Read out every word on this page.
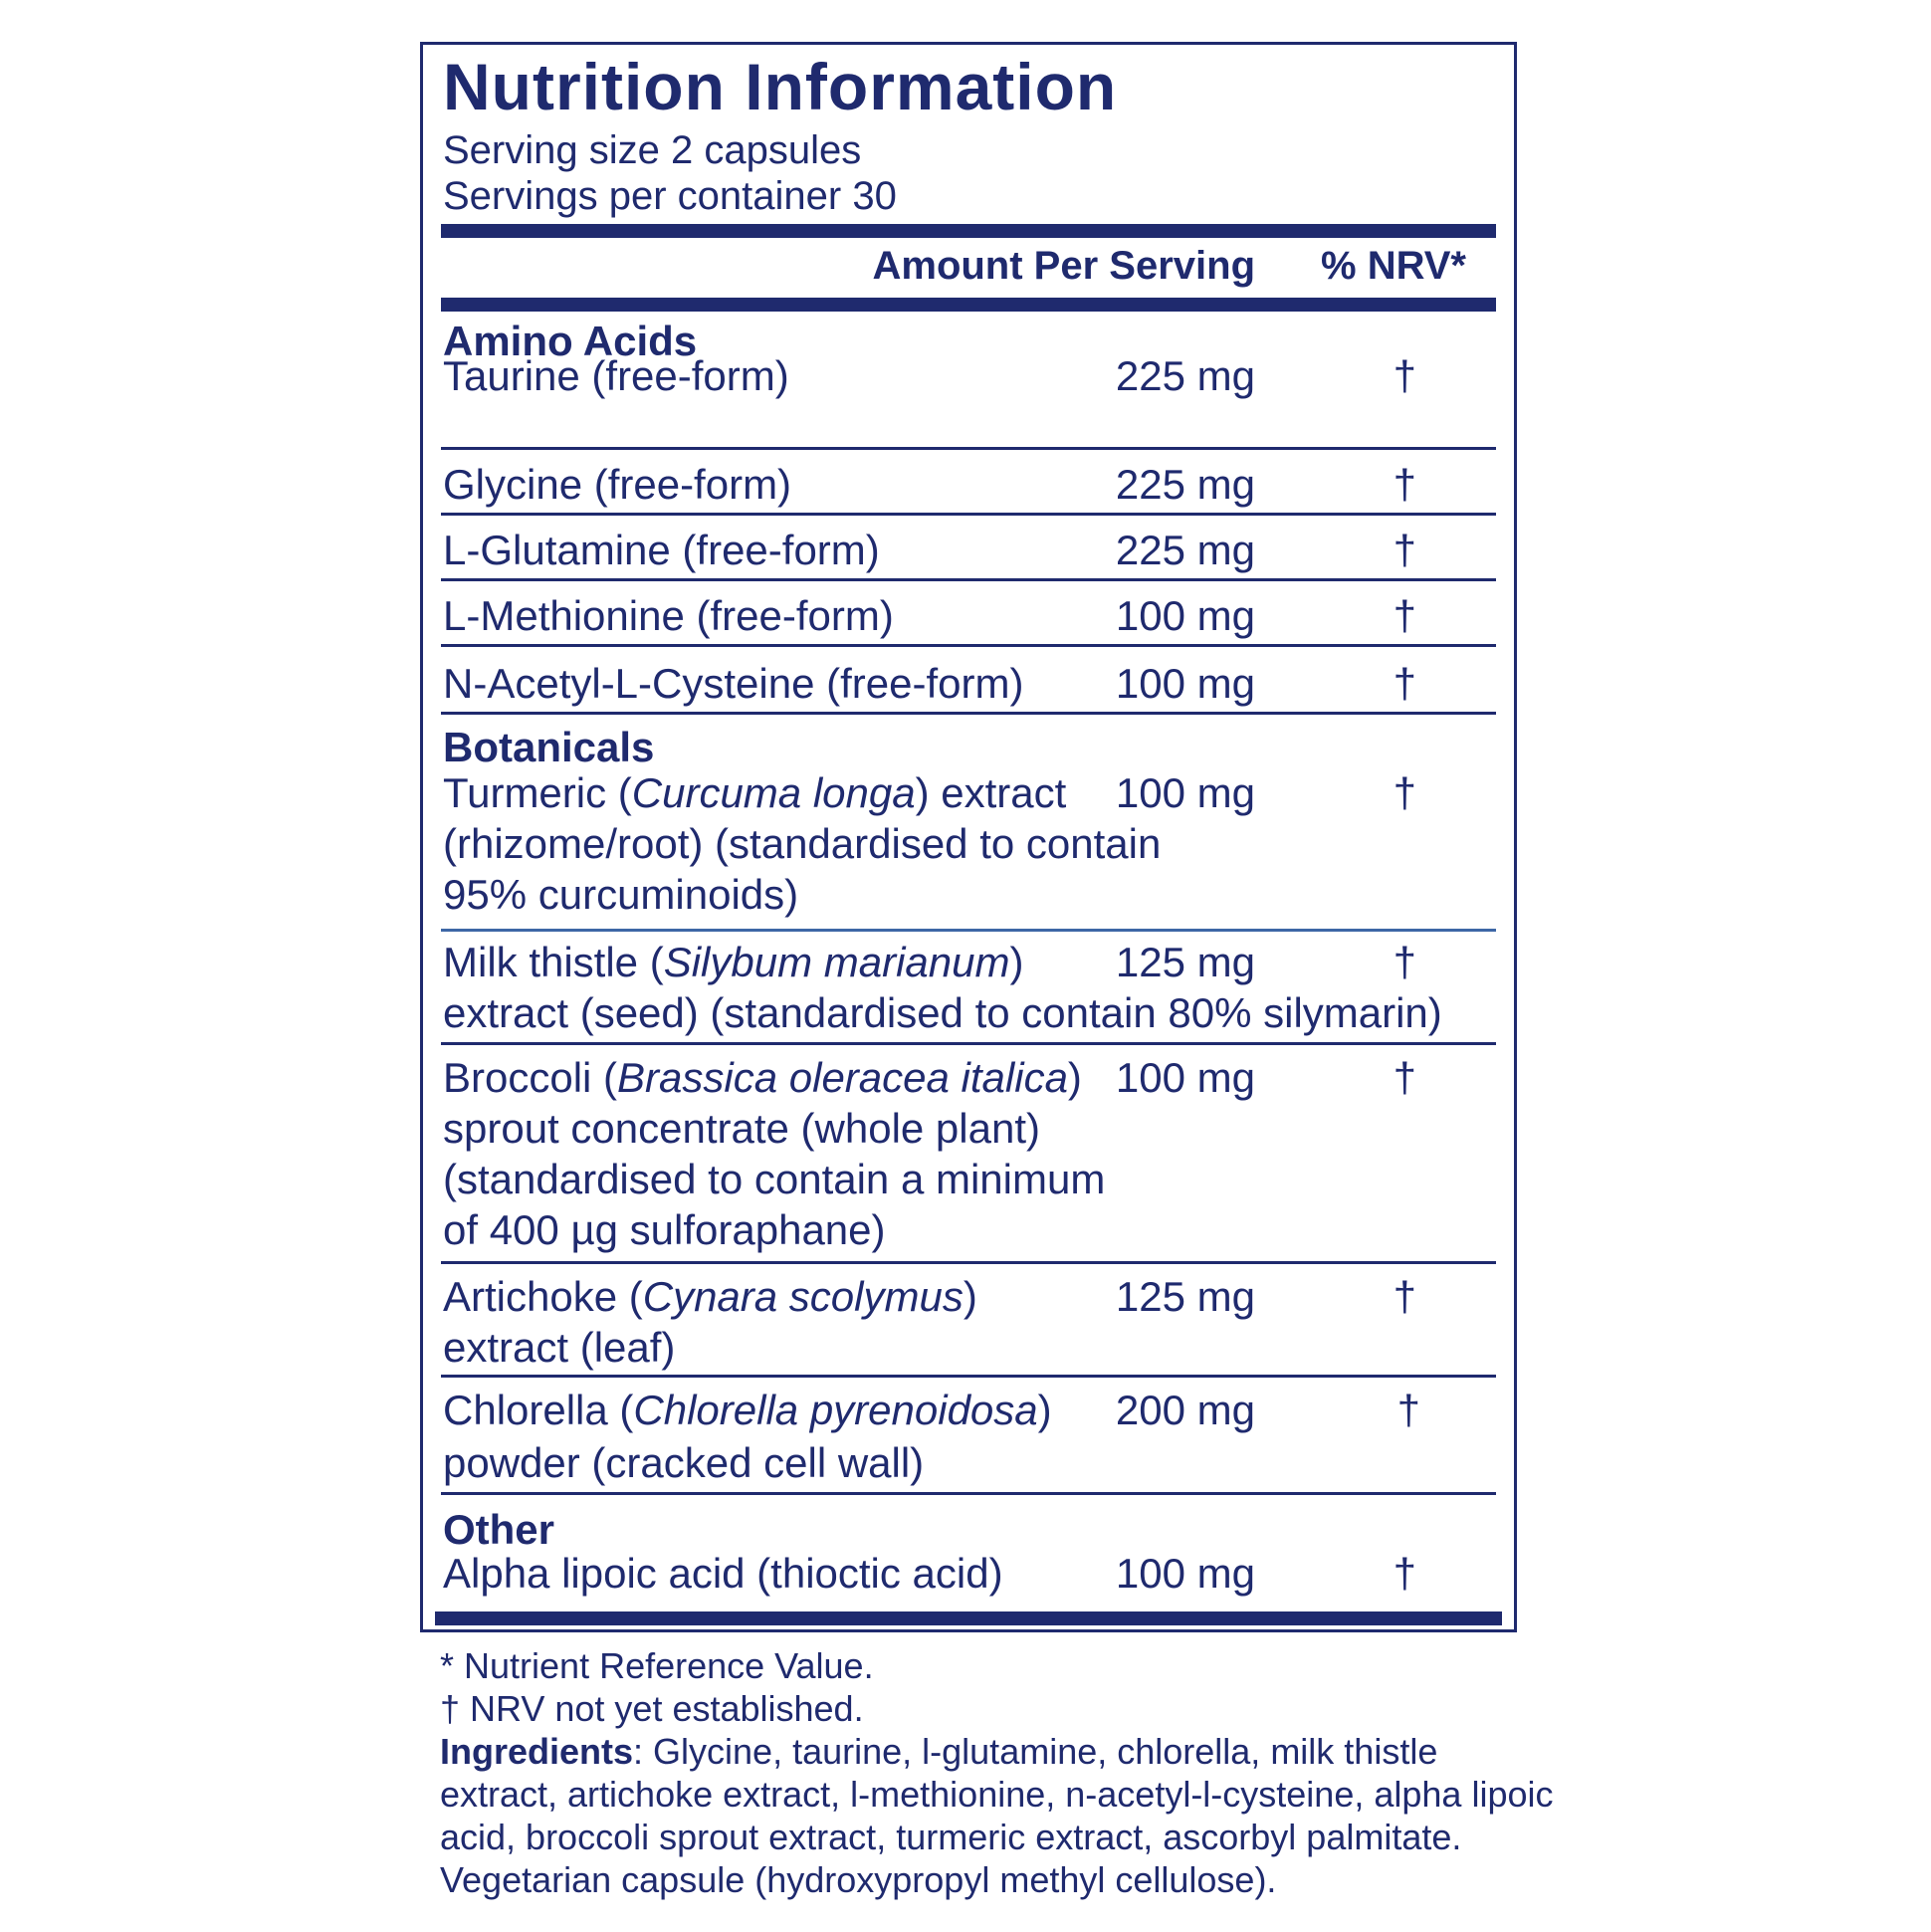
Nutrition Information
Serving size 2 capsules
Servings per container 30
Amount Per Serving % NRV*
Amino Acids
Taurine (free-form)	225 mg	†
Glycine (free-form)	225 mg	†
L-Glutamine (free-form)	225 mg	†
L-Methionine (free-form)	100 mg	†
N-Acetyl-L-Cysteine (free-form) 100 mg	†
Botanicals
Turmeric (Curcuma longa) extract
(rhizome/root) (standardised to contain
95% curcuminoids)
100 mg	†
Milk thistle (Silybum marianum)
extract (seed) (standardised to contain 80% silymarin)
125 mg	†
Broccoli (Brassica oleracea italica)
sprout concentrate (whole plant)
(standardised to contain a minimum
of 400 µg sulforaphane)
100 mg	†
Artichoke (Cynara scolymus)
extract (leaf)
125 mg	†
Chlorella (Chlorella pyrenoidosa)
powder (cracked cell wall)
200 mg	†
Other
Alpha lipoic acid (thioctic acid)	100 mg	†
* Nutrient Reference Value.
† NRV not yet established.
Ingredients: Glycine, taurine, l-glutamine, chlorella, milk thistle
extract, artichoke extract, l-methionine, n-acetyl-l-cysteine, alpha lipoic
acid, broccoli sprout extract, turmeric extract, ascorbyl palmitate.
Vegetarian capsule (hydroxypropyl methyl cellulose).
